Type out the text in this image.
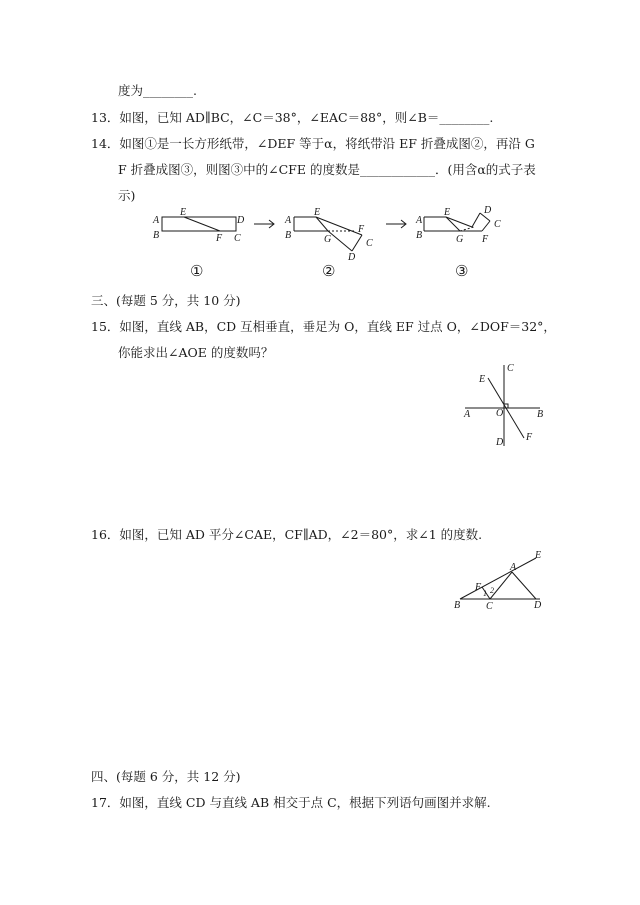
度为________.
13．如图，已知 AD∥BC，∠C＝38°，∠EAC＝88°，则∠B＝________.
14．如图①是一长方形纸带，∠DEF 等于α，将纸带沿 EF 折叠成图②，再沿 G
F 折叠成图③，则图③中的∠CFE 的度数是____________．(用含α的式子表
示)
A
B
E
D
F C
A
B
E
G
F
C
D
A
B
E
G F
D
C
①	②	③
三、(每题 5 分，共 10 分)
15．如图，直线 AB，CD 互相垂直，垂足为 O，直线 EF 过点 O，∠DOF＝32°，
你能求出∠AOE 的度数吗？
A	B
C
D
E
F
O
16．如图，已知 AD 平分∠CAE，CF∥AD，∠2＝80°，求∠1 的度数.
B	C	D
A
E
F
1 2
四、(每题 6 分，共 12 分)
17．如图，直线 CD 与直线 AB 相交于点 C，根据下列语句画图并求解.
